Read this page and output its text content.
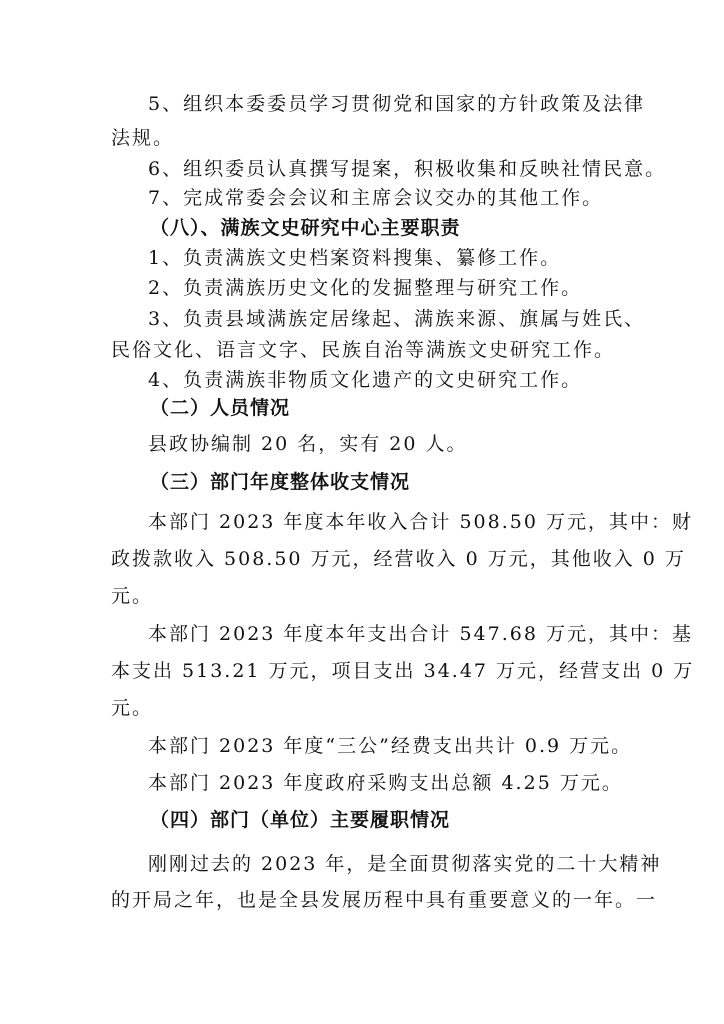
5、组织本委委员学习贯彻党和国家的方针政策及法律
法规。
6、组织委员认真撰写提案，积极收集和反映社情民意。
7、完成常委会会议和主席会议交办的其他工作。
（八）、满族文史研究中心主要职责
1、负责满族文史档案资料搜集、纂修工作。
2、负责满族历史文化的发掘整理与研究工作。
3、负责县域满族定居缘起、满族来源、旗属与姓氏、
民俗文化、语言文字、民族自治等满族文史研究工作。
4、负责满族非物质文化遗产的文史研究工作。
（二）人员情况
县政协编制 20 名，实有 20 人。
（三）部门年度整体收支情况
本部门 2023 年度本年收入合计 508.50 万元，其中：财
政拨款收入 508.50 万元，经营收入 0 万元，其他收入 0 万
元。
本部门 2023 年度本年支出合计 547.68 万元，其中：基
本支出 513.21 万元，项目支出 34.47 万元，经营支出 0 万
元。
本部门 2023 年度“三公”经费支出共计 0.9 万元。
本部门 2023 年度政府采购支出总额 4.25 万元。
（四）部门（单位）主要履职情况
刚刚过去的 2023 年，是全面贯彻落实党的二十大精神
的开局之年，也是全县发展历程中具有重要意义的一年。一
